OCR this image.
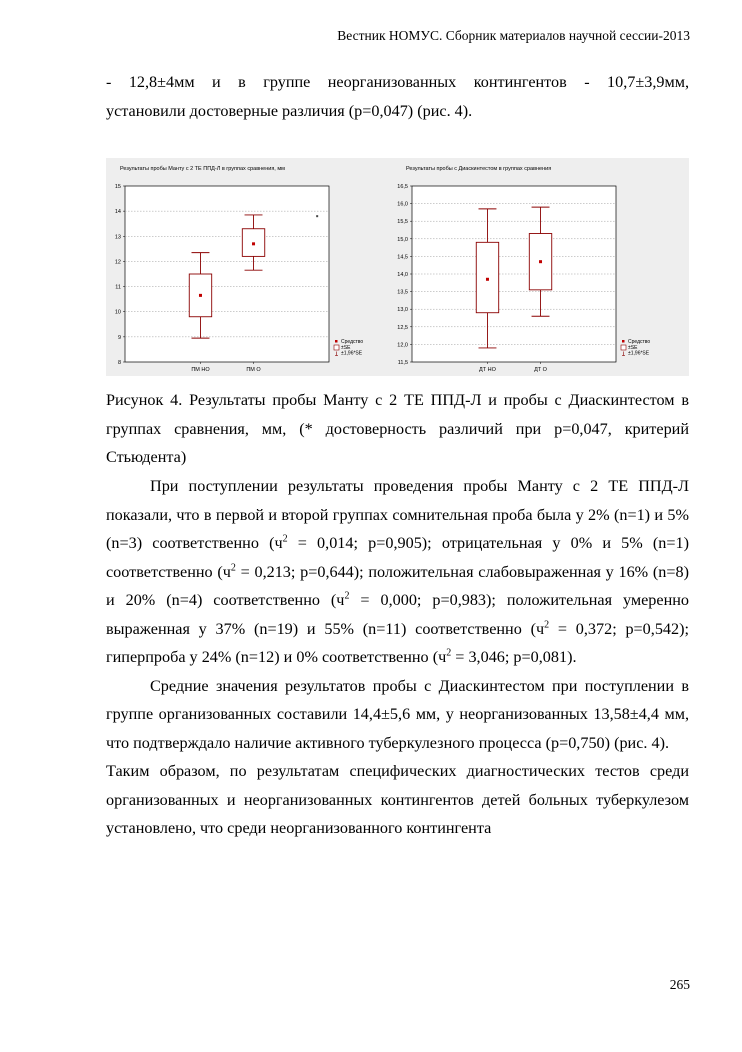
Вестник НОМУС. Сборник материалов научной сессии-2013

- 12,8±4мм и в группе неорганизованных контингентов - 10,7±3,9мм,

установили достоверные различия (р=0,047) (рис. 4).

Результаты пробы Манту с 2 ТЕ ППД-Л в группах сравнения, мм
8
9
10
11
12
13
14
15
ПМ НО	ПМ О
Средство
±SE
±1,96*SE
Результаты пробы с Диаскинтестом в группах сравнения
11,5
12,0
12,5
13,0
13,5
14,0
14,5
15,0
15,5
16,0
16,5
ДТ НО	ДТ О
Средство
±SE
±1,96*SE

Рисунок 4. Результаты пробы Манту с 2 ТЕ ППД-Л и пробы с Диаскинтестом в группах сравнения, мм, (* достоверность различий при р=0,047, критерий Стьюдента)

При поступлении результаты проведения пробы Манту с 2 ТЕ ППД-Л показали, что в первой и второй группах сомнительная проба была у 2% (n=1) и 5% (n=3) соответственно ($ч^2 = 0,014$; р=0,905); отрицательная у 0% и 5% (n=1) соответственно ($ч^2 = 0,213$; р=0,644); положительная слабовыраженная у 16% (n=8) и 20% (n=4) соответственно ($ч^2 = 0,000$; р=0,983); положительная умеренно выраженная у 37% (n=19) и 55% (n=11) соответственно ($ч^2 = 0,372$; р=0,542); гиперпроба у 24% (n=12) и 0% соответственно ($ч^2 = 3,046$; р=0,081).

Средние значения результатов пробы с Диаскинтестом при поступлении в группе организованных составили 14,4±5,6 мм, у неорганизованных 13,58±4,4 мм, что подтверждало наличие активного туберкулезного процесса (р=0,750) (рис. 4).

Таким образом, по результатам специфических диагностических тестов среди организованных и неорганизованных контингентов детей больных туберкулезом установлено, что среди неорганизованного контингента

265
